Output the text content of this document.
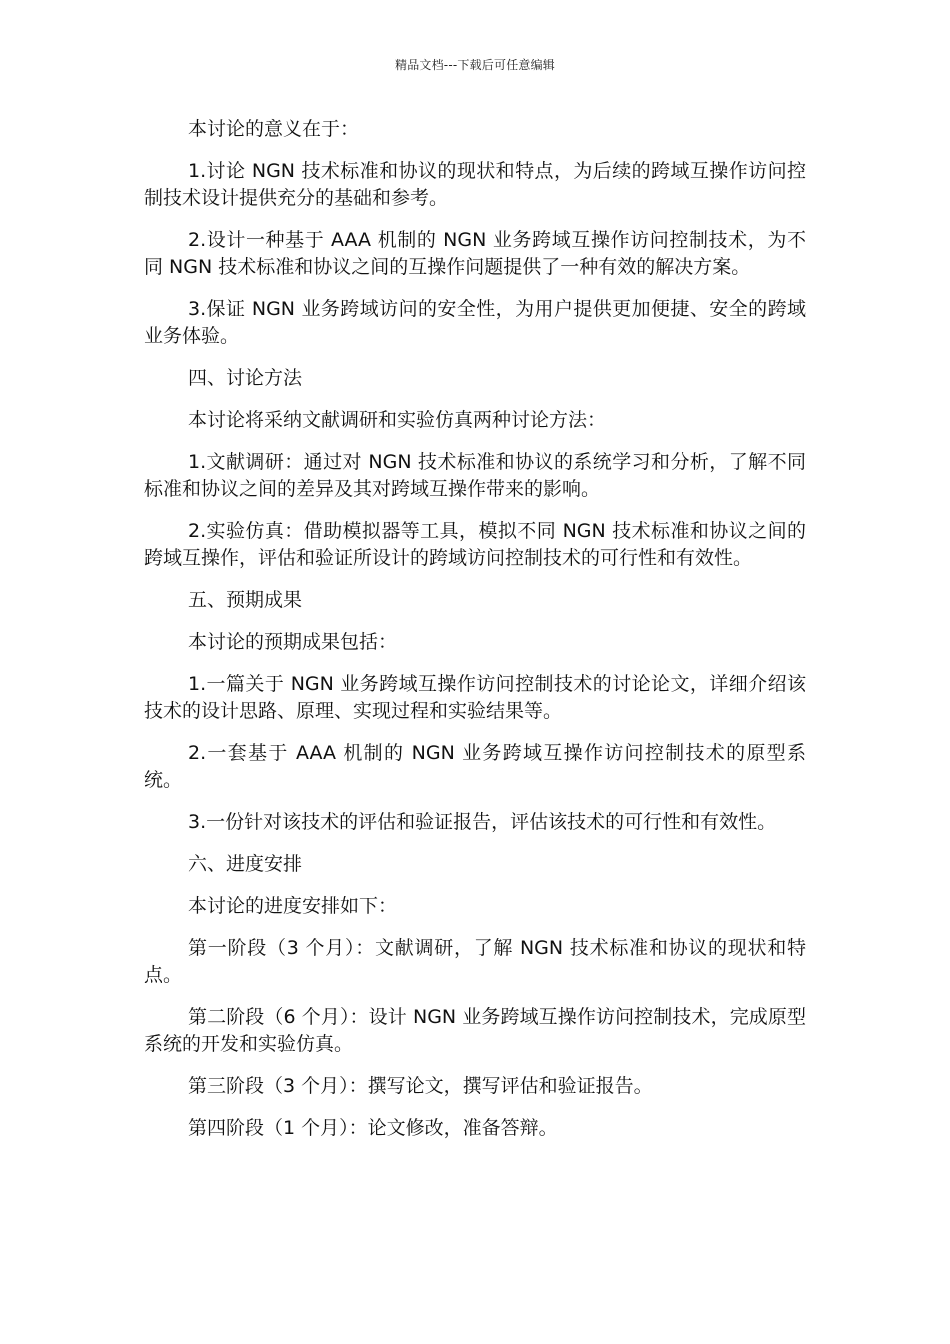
精品文档---下载后可任意编辑

本讨论的意义在于：

1.讨论 NGN 技术标准和协议的现状和特点，为后续的跨域互操作访问控制技术设计提供充分的基础和参考。

2.设计一种基于 AAA 机制的 NGN 业务跨域互操作访问控制技术，为不同 NGN 技术标准和协议之间的互操作问题提供了一种有效的解决方案。

3.保证 NGN 业务跨域访问的安全性，为用户提供更加便捷、安全的跨域业务体验。

四、讨论方法

本讨论将采纳文献调研和实验仿真两种讨论方法：

1.文献调研：通过对 NGN 技术标准和协议的系统学习和分析，了解不同标准和协议之间的差异及其对跨域互操作带来的影响。

2.实验仿真：借助模拟器等工具，模拟不同 NGN 技术标准和协议之间的跨域互操作，评估和验证所设计的跨域访问控制技术的可行性和有效性。

五、预期成果

本讨论的预期成果包括：

1.一篇关于 NGN 业务跨域互操作访问控制技术的讨论论文，详细介绍该技术的设计思路、原理、实现过程和实验结果等。

2.一套基于 AAA 机制的 NGN 业务跨域互操作访问控制技术的原型系统。

3.一份针对该技术的评估和验证报告，评估该技术的可行性和有效性。

六、进度安排

本讨论的进度安排如下：

第一阶段（3 个月）：文献调研，了解 NGN 技术标准和协议的现状和特点。

第二阶段（6 个月）：设计 NGN 业务跨域互操作访问控制技术，完成原型系统的开发和实验仿真。

第三阶段（3 个月）：撰写论文，撰写评估和验证报告。

第四阶段（1 个月）：论文修改，准备答辩。
